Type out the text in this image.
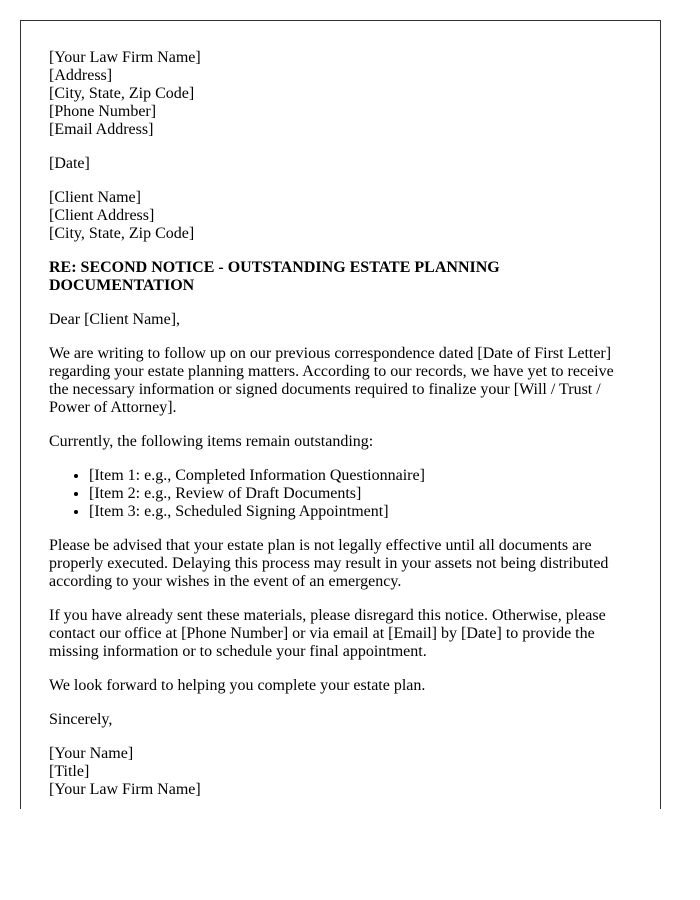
[Your Law Firm Name]
[Address]
[City, State, Zip Code]
[Phone Number]
[Email Address]

[Date]

[Client Name]
[Client Address]
[City, State, Zip Code]

RE: SECOND NOTICE - OUTSTANDING ESTATE PLANNING DOCUMENTATION

Dear [Client Name],

We are writing to follow up on our previous correspondence dated [Date of First Letter] regarding your estate planning matters. According to our records, we have yet to receive the necessary information or signed documents required to finalize your [Will / Trust / Power of Attorney].

Currently, the following items remain outstanding:

• [Item 1: e.g., Completed Information Questionnaire]
• [Item 2: e.g., Review of Draft Documents]
• [Item 3: e.g., Scheduled Signing Appointment]

Please be advised that your estate plan is not legally effective until all documents are properly executed. Delaying this process may result in your assets not being distributed according to your wishes in the event of an emergency.

If you have already sent these materials, please disregard this notice. Otherwise, please contact our office at [Phone Number] or via email at [Email] by [Date] to provide the missing information or to schedule your final appointment.

We look forward to helping you complete your estate plan.

Sincerely,

[Your Name]
[Title]
[Your Law Firm Name]
